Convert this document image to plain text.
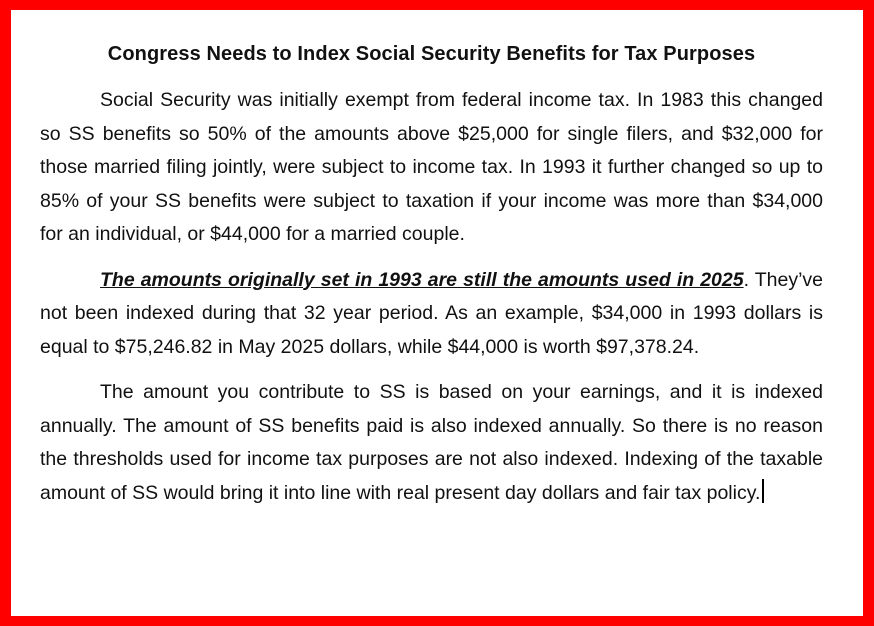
Congress Needs to Index Social Security Benefits for Tax Purposes

Social Security was initially exempt from federal income tax. In 1983 this changed so SS benefits so 50% of the amounts above $25,000 for single filers, and $32,000 for those married filing jointly, were subject to income tax. In 1993 it further changed so up to 85% of your SS benefits were subject to taxation if your income was more than $34,000 for an individual, or $44,000 for a married couple.

The amounts originally set in 1993 are still the amounts used in 2025. They’ve not been indexed during that 32 year period. As an example, $34,000 in 1993 dollars is equal to $75,246.82 in May 2025 dollars, while $44,000 is worth $97,378.24.

The amount you contribute to SS is based on your earnings, and it is indexed annually. The amount of SS benefits paid is also indexed annually. So there is no reason the thresholds used for income tax purposes are not also indexed. Indexing of the taxable amount of SS would bring it into line with real present day dollars and fair tax policy.
